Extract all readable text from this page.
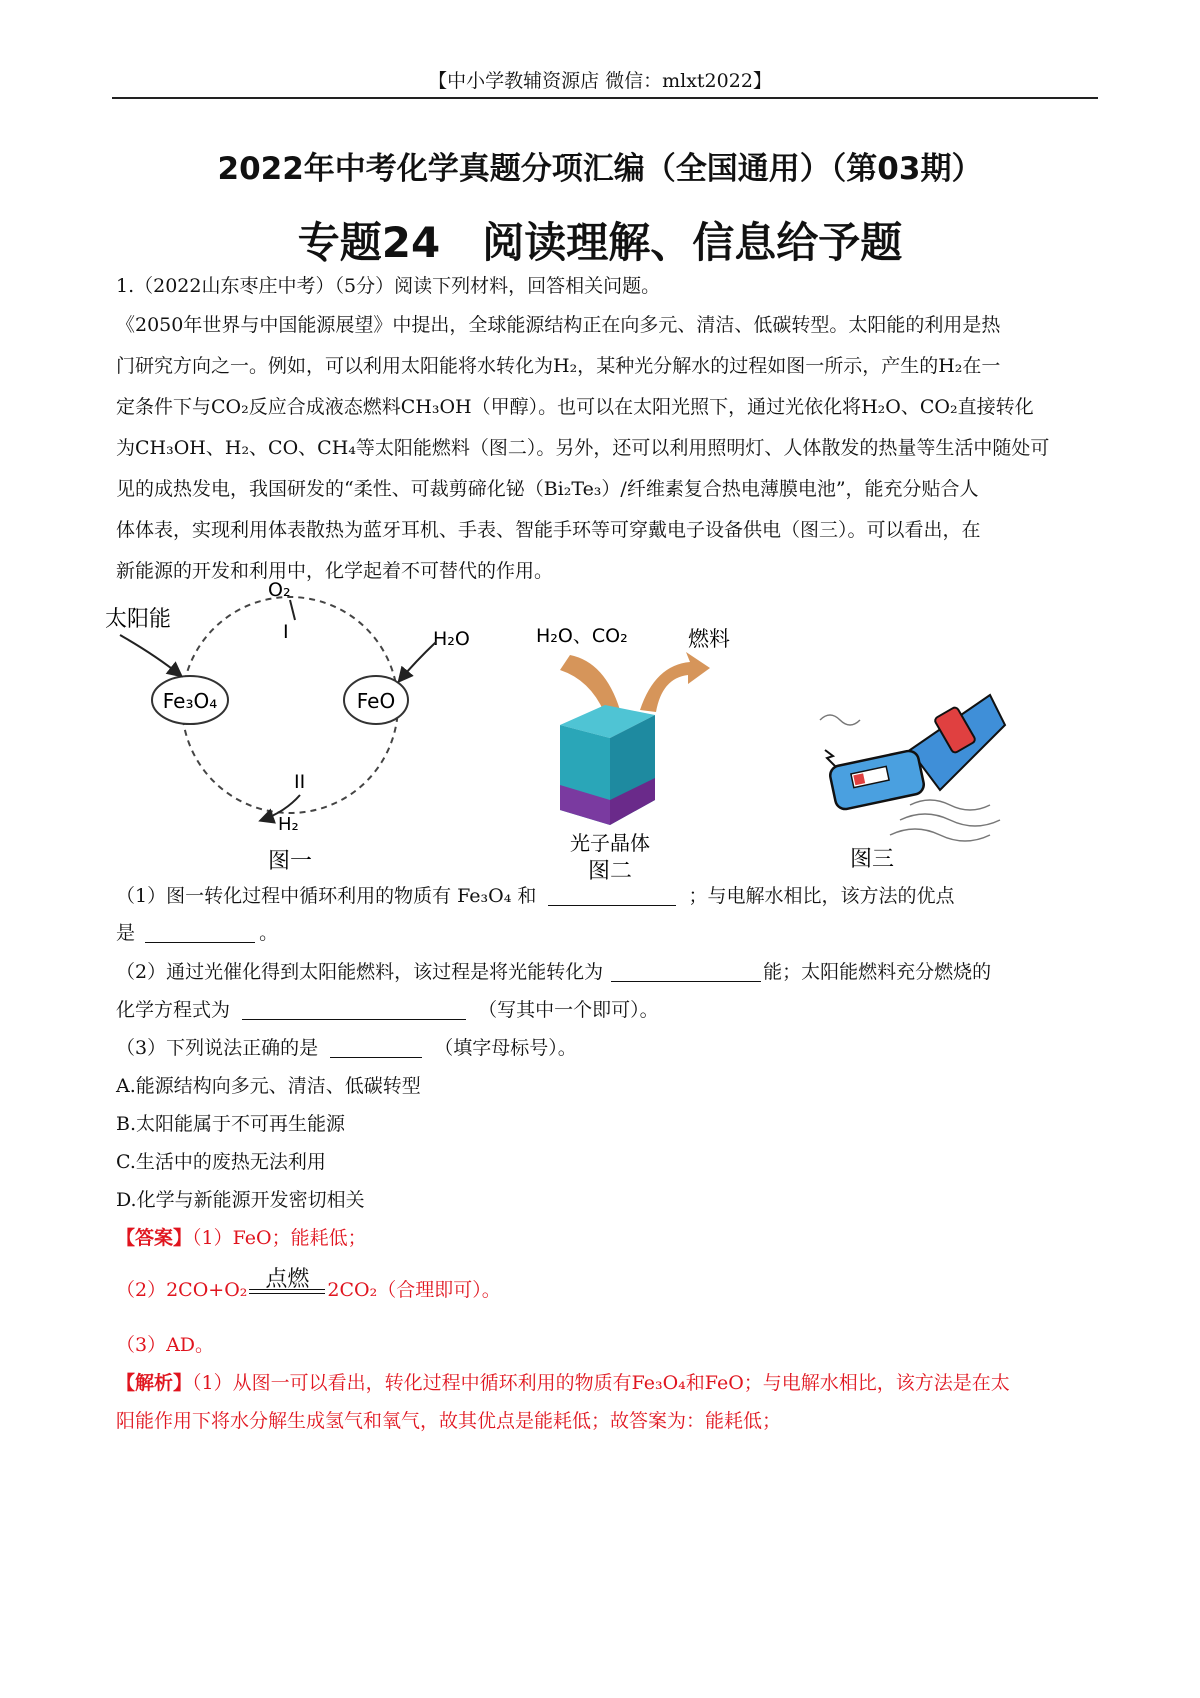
【中小学教辅资源店 微信：mlxt2022】
2022年中考化学真题分项汇编（全国通用）（第03期）
专题24　阅读理解、信息给予题
1.（2022山东枣庄中考）（5分）阅读下列材料，回答相关问题。
《2050年世界与中国能源展望》中提出，全球能源结构正在向多元、清洁、低碳转型。太阳能的利用是热
门研究方向之一。例如，可以利用太阳能将水转化为H₂，某种光分解水的过程如图一所示，产生的H₂在一
定条件下与CO₂反应合成液态燃料CH₃OH（甲醇）。也可以在太阳光照下，通过光依化将H₂O、CO₂直接转化
为CH₃OH、H₂、CO、CH₄等太阳能燃料（图二）。另外，还可以利用照明灯、人体散发的热量等生活中随处可
见的成热发电，我国研发的“柔性、可裁剪碲化铋（Bi₂Te₃）/纤维素复合热电薄膜电池”，能充分贴合人
体体表，实现利用体表散热为蓝牙耳机、手表、智能手环等可穿戴电子设备供电（图三）。可以看出，在
新能源的开发和利用中，化学起着不可替代的作用。
Fe₃O₄	FeO
太阳能
O₂
I	H₂O
II
H₂
图一
H₂O、CO₂	燃料
光子晶体
图二	图三
（1）图一转化过程中循环利用的物质有 Fe₃O₄ 和	；与电解水相比，该方法的优点
是	。
（2）通过光催化得到太阳能燃料，该过程是将光能转化为	能；太阳能燃料充分燃烧的
化学方程式为	（写其中一个即可）。
（3）下列说法正确的是	（填字母标号）。
A.能源结构向多元、清洁、低碳转型
B.太阳能属于不可再生能源
C.生活中的废热无法利用
D.化学与新能源开发密切相关
【答案】（1）FeO；能耗低；
（2）2CO+O₂ 点燃 2CO₂（合理即可）。
（3）AD。
【解析】（1）从图一可以看出，转化过程中循环利用的物质有Fe₃O₄和FeO；与电解水相比，该方法是在太
阳能作用下将水分解生成氢气和氧气，故其优点是能耗低；故答案为：能耗低；
